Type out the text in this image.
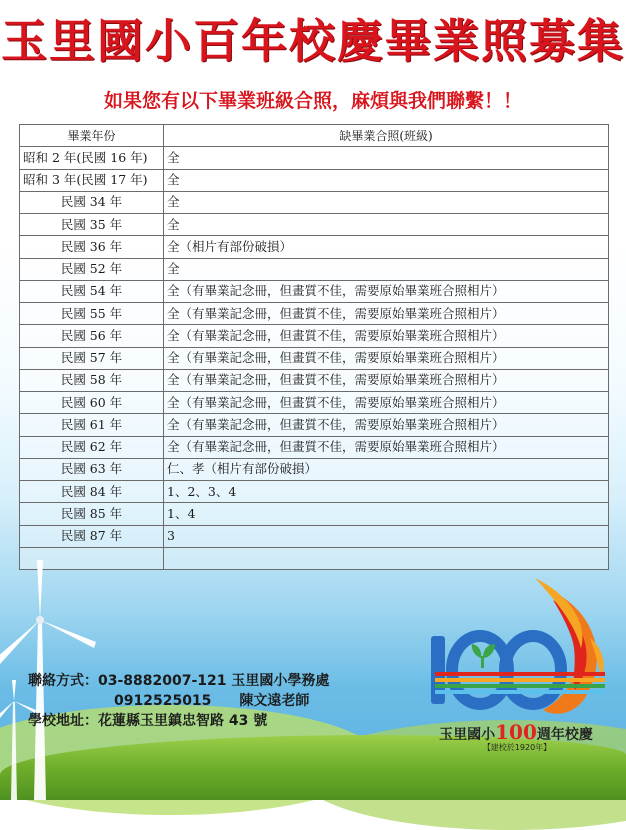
玉里國小百年校慶畢業照募集
如果您有以下畢業班級合照，麻煩與我們聯繫！！
畢業年份	缺畢業合照(班級)
昭和 2 年(民國 16 年)	全
昭和 3 年(民國 17 年)	全
民國 34 年	全
民國 35 年	全
民國 36 年	全（相片有部份破損）
民國 52 年	全
民國 54 年	全（有畢業記念冊，但畫質不佳，需要原始畢業班合照相片）
民國 55 年	全（有畢業記念冊，但畫質不佳，需要原始畢業班合照相片）
民國 56 年	全（有畢業記念冊，但畫質不佳，需要原始畢業班合照相片）
民國 57 年	全（有畢業記念冊，但畫質不佳，需要原始畢業班合照相片）
民國 58 年	全（有畢業記念冊，但畫質不佳，需要原始畢業班合照相片）
民國 60 年	全（有畢業記念冊，但畫質不佳，需要原始畢業班合照相片）
民國 61 年	全（有畢業記念冊，但畫質不佳，需要原始畢業班合照相片）
民國 62 年	全（有畢業記念冊，但畫質不佳，需要原始畢業班合照相片）
民國 63 年	仁、孝（相片有部份破損）
民國 84 年	1、2、3、4
民國 85 年	1、4
民國 87 年	3

聯絡方式：03-8882007-121 玉里國小學務處
0912525015　　陳文遠老師
學校地址：花蓮縣玉里鎮忠智路 43 號
玉里國小100週年校慶
【建校於1920年】
